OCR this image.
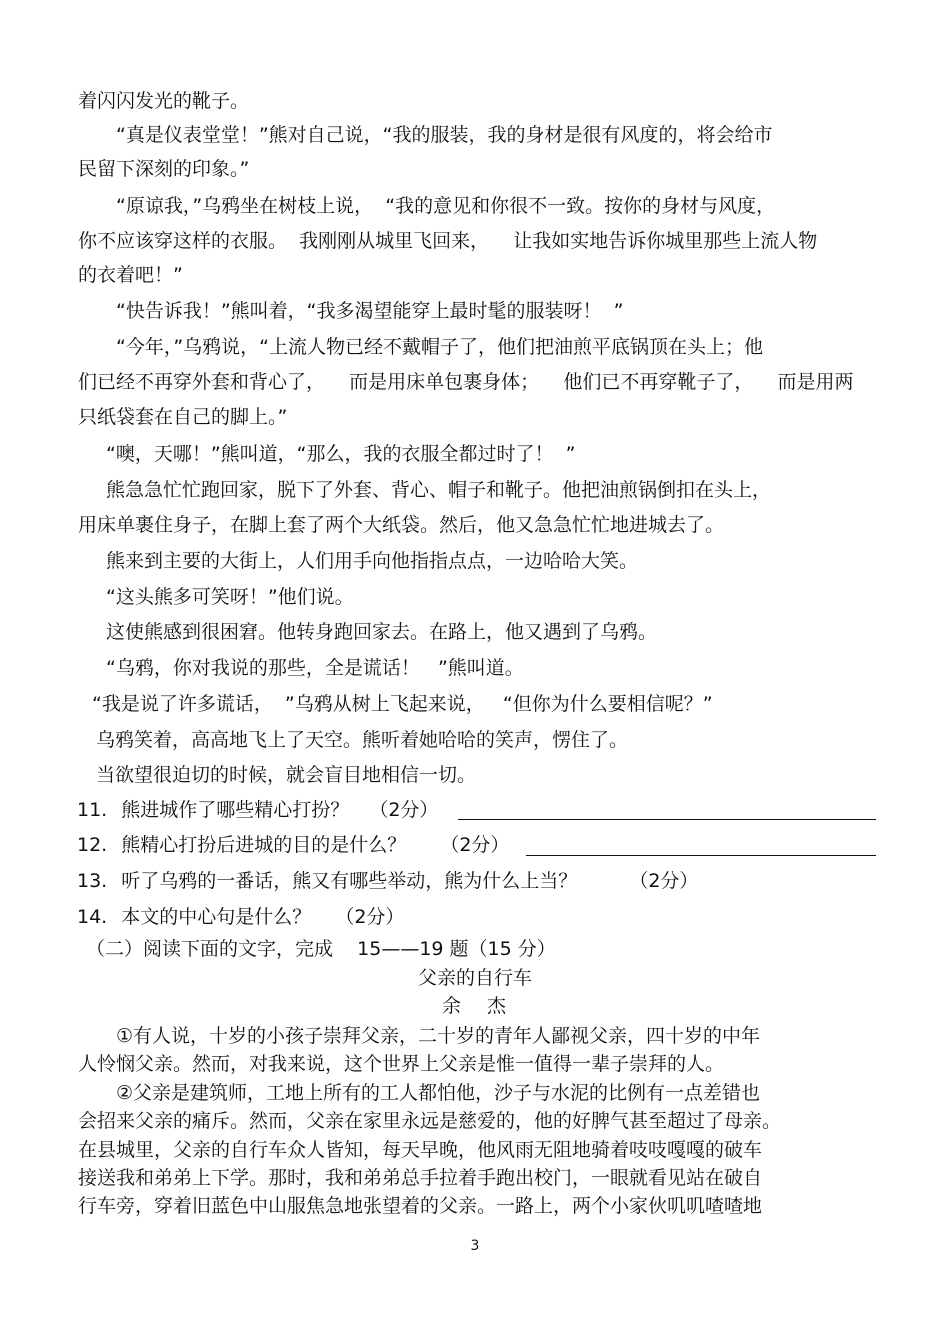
着闪闪发光的靴子。
“真是仪表堂堂！”熊对自己说，“我的服装，我的身材是很有风度的，将会给市
民留下深刻的印象。”
“原谅我，”乌鸦坐在树枝上说，  “我的意见和你很不一致。按你的身材与风度，
你不应该穿这样的衣服。  我刚刚从城里飞回来，    让我如实地告诉你城里那些上流人物
的衣着吧！”
“快告诉我！”熊叫着，“我多渴望能穿上最时髦的服装呀！  ”
“今年，”乌鸦说，“上流人物已经不戴帽子了，他们把油煎平底锅顶在头上；他
们已经不再穿外套和背心了，    而是用床单包裹身体；    他们已不再穿靴子了，    而是用两
只纸袋套在自己的脚上。”
“噢，天哪！”熊叫道，“那么，我的衣服全都过时了！  ”
熊急急忙忙跑回家，脱下了外套、背心、帽子和靴子。他把油煎锅倒扣在头上，
用床单裹住身子，在脚上套了两个大纸袋。然后，他又急急忙忙地进城去了。
熊来到主要的大街上，人们用手向他指指点点，一边哈哈大笑。
“这头熊多可笑呀！”他们说。
这使熊感到很困窘。他转身跑回家去。在路上，他又遇到了乌鸦。
“乌鸦，你对我说的那些，全是谎话！   ”熊叫道。
“我是说了许多谎话，  ”乌鸦从树上飞起来说，   “但你为什么要相信呢？”
乌鸦笑着，高高地飞上了天空。熊听着她哈哈的笑声，愣住了。
当欲望很迫切的时候，就会盲目地相信一切。
11. 熊进城作了哪些精心打扮？ （2分）
12. 熊精心打扮后进城的目的是什么？ （2分）
13. 听了乌鸦的一番话，熊又有哪些举动，熊为什么上当？	（2分）
14. 本文的中心句是什么？ （2分）
（二）阅读下面的文字，完成    15——19 题（15 分）
父亲的自行车
余   杰
①有人说，十岁的小孩子崇拜父亲，二十岁的青年人鄙视父亲，四十岁的中年
人怜悯父亲。然而，对我来说，这个世界上父亲是惟一值得一辈子崇拜的人。
②父亲是建筑师，工地上所有的工人都怕他，沙子与水泥的比例有一点差错也
会招来父亲的痛斥。然而，父亲在家里永远是慈爱的，他的好脾气甚至超过了母亲。
在县城里，父亲的自行车众人皆知，每天早晚，他风雨无阻地骑着吱吱嘎嘎的破车
接送我和弟弟上下学。那时，我和弟弟总手拉着手跑出校门，一眼就看见站在破自
行车旁，穿着旧蓝色中山服焦急地张望着的父亲。一路上，两个小家伙叽叽喳喳地
3
